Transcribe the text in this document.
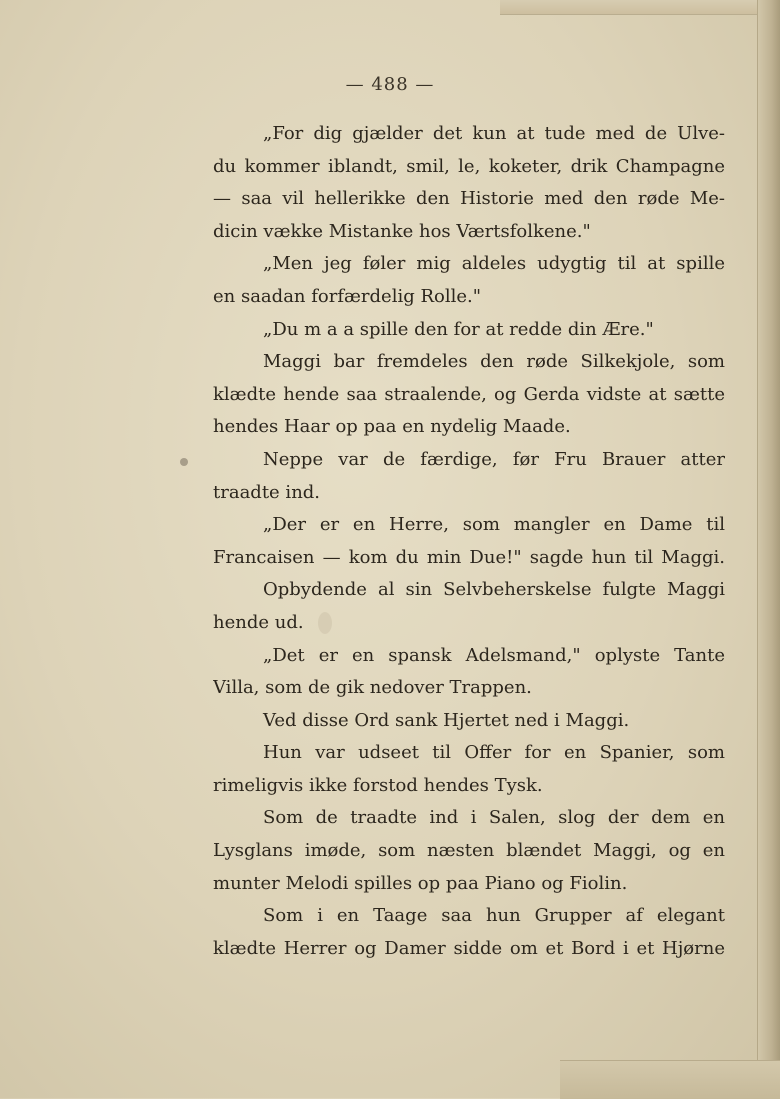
— 488 —
„For dig gjælder det kun at tude med de Ulve-
du kommer iblandt, smil, le, koketer, drik Champagne
— saa vil hellerikke den Historie med den røde Me-
dicin vække Mistanke hos Værtsfolkene."
„Men jeg føler mig aldeles udygtig til at spille
en saadan forfærdelig Rolle."
„Du m a a spille den for at redde din Ære."
Maggi bar fremdeles den røde Silkekjole, som
klædte hende saa straalende, og Gerda vidste at sætte
hendes Haar op paa en nydelig Maade.
Neppe var de færdige, før Fru Brauer atter
traadte ind.
„Der er en Herre, som mangler en Dame til
Francaisen — kom du min Due!" sagde hun til Maggi.
Opbydende al sin Selvbeherskelse fulgte Maggi
hende ud.
„Det er en spansk Adelsmand," oplyste Tante
Villa, som de gik nedover Trappen.
Ved disse Ord sank Hjertet ned i Maggi.
Hun var udseet til Offer for en Spanier, som
rimeligvis ikke forstod hendes Tysk.
Som de traadte ind i Salen, slog der dem en
Lysglans imøde, som næsten blændet Maggi, og en
munter Melodi spilles op paa Piano og Fiolin.
Som i en Taage saa hun Grupper af elegant
klædte Herrer og Damer sidde om et Bord i et Hjørne
